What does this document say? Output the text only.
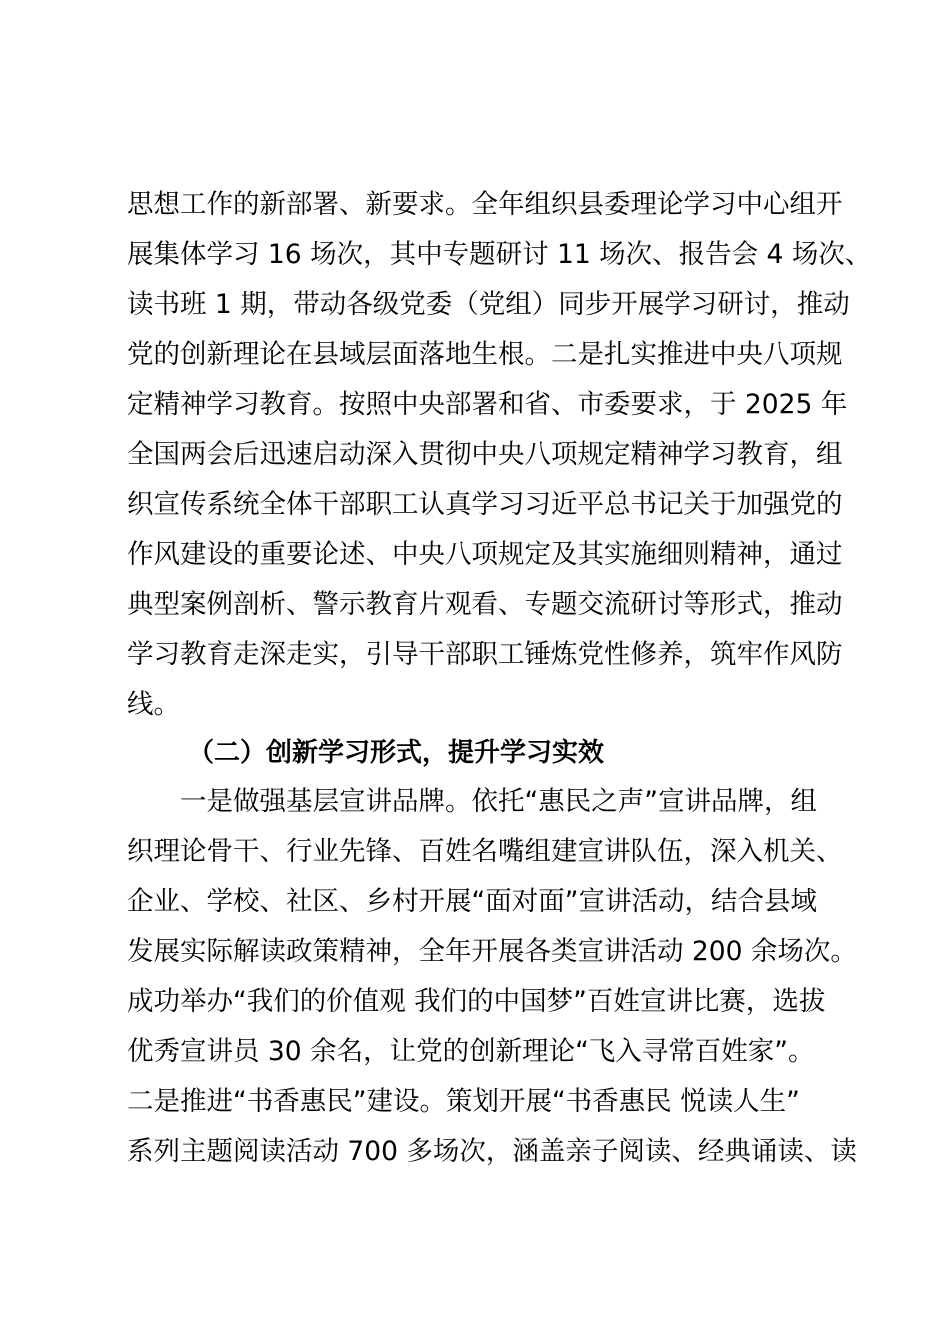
思想工作的新部署、新要求。全年组织县委理论学习中心组开
展集体学习 16 场次，其中专题研讨 11 场次、报告会 4 场次、
读书班 1 期，带动各级党委（党组）同步开展学习研讨，推动
党的创新理论在县域层面落地生根。二是扎实推进中央八项规
定精神学习教育。按照中央部署和省、市委要求，于 2025 年
全国两会后迅速启动深入贯彻中央八项规定精神学习教育，组
织宣传系统全体干部职工认真学习习近平总书记关于加强党的
作风建设的重要论述、中央八项规定及其实施细则精神，通过
典型案例剖析、警示教育片观看、专题交流研讨等形式，推动
学习教育走深走实，引导干部职工锤炼党性修养，筑牢作风防
线。
（二）创新学习形式，提升学习实效
一是做强基层宣讲品牌。依托“惠民之声”宣讲品牌，组
织理论骨干、行业先锋、百姓名嘴组建宣讲队伍，深入机关、
企业、学校、社区、乡村开展“面对面”宣讲活动，结合县域
发展实际解读政策精神，全年开展各类宣讲活动 200 余场次。
成功举办“我们的价值观 我们的中国梦”百姓宣讲比赛，选拔
优秀宣讲员 30 余名，让党的创新理论“飞入寻常百姓家”。
二是推进“书香惠民”建设。策划开展“书香惠民 悦读人生”
系列主题阅读活动 700 多场次，涵盖亲子阅读、经典诵读、读
